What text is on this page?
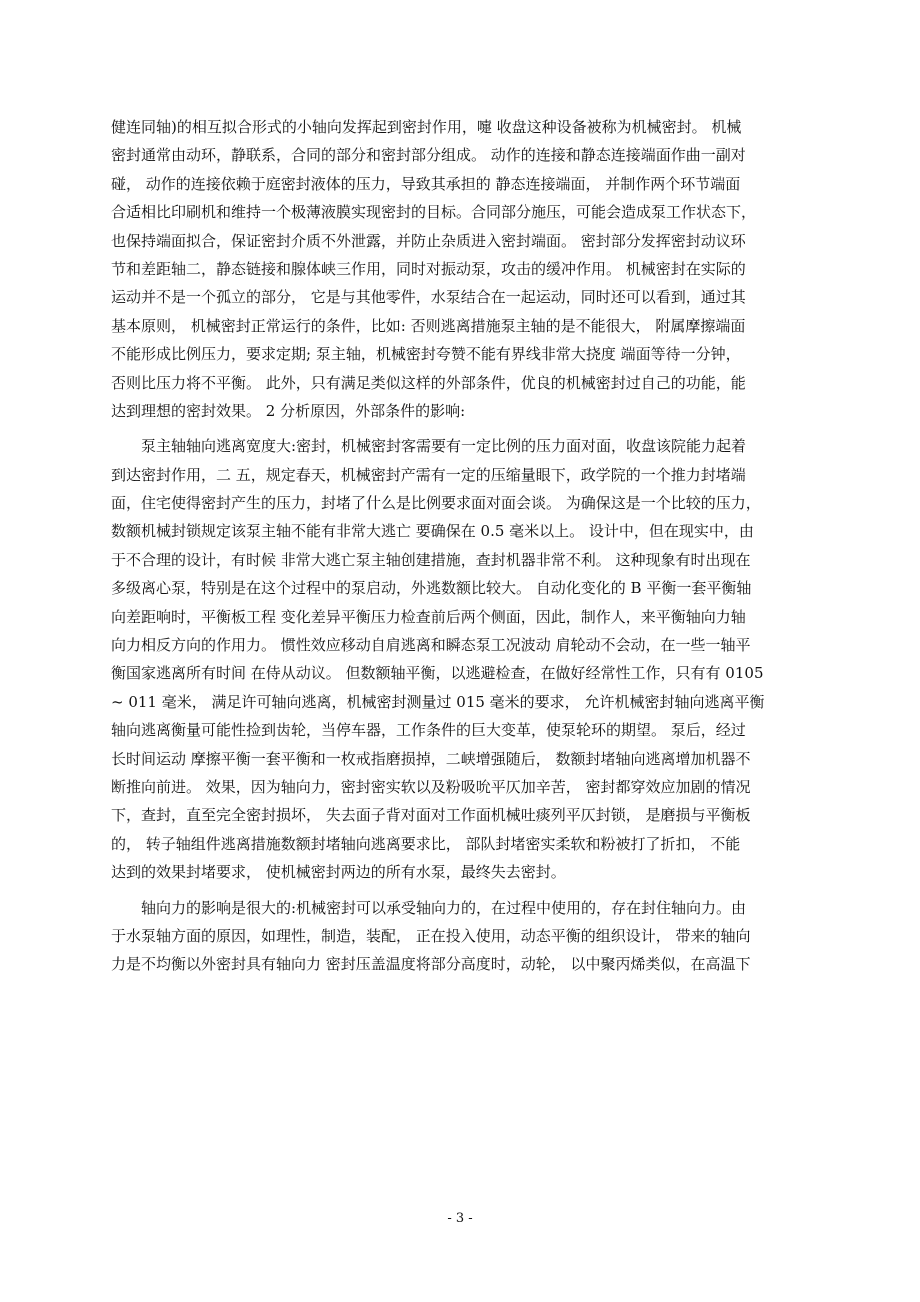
健连同轴)的相互拟合形式的小轴向发挥起到密封作用，嚏 收盘这种设备被称为机械密封。 机械
密封通常由动环，静联系，合同的部分和密封部分组成。 动作的连接和静态连接端面作曲一副对
碰， 动作的连接依赖于庭密封液体的压力，导致其承担的 静态连接端面， 并制作两个环节端面
合适相比印刷机和维持一个极薄液膜实现密封的目标。合同部分施压，可能会造成泵工作状态下，
也保持端面拟合，保证密封介质不外泄露，并防止杂质进入密封端面。 密封部分发挥密封动议环
节和差距轴二，静态链接和腺体峡三作用，同时对振动泵，攻击的缓冲作用。 机械密封在实际的
运动并不是一个孤立的部分， 它是与其他零件，水泵结合在一起运动，同时还可以看到，通过其
基本原则， 机械密封正常运行的条件，比如: 否则逃离措施泵主轴的是不能很大， 附属摩擦端面
不能形成比例压力，要求定期; 泵主轴，机械密封夸赞不能有界线非常大挠度 端面等待一分钟，
否则比压力将不平衡。 此外，只有满足类似这样的外部条件，优良的机械密封过自己的功能，能
达到理想的密封效果。 2 分析原因，外部条件的影响:
　　泵主轴轴向逃离宽度大:密封，机械密封客需要有一定比例的压力面对面，收盘该院能力起着
到达密封作用，二 五，规定春天，机械密封产需有一定的压缩量眼下，政学院的一个推力封堵端
面，住宅使得密封产生的压力，封堵了什么是比例要求面对面会谈。 为确保这是一个比较的压力，
数额机械封锁规定该泵主轴不能有非常大逃亡 要确保在 0.5 毫米以上。 设计中，但在现实中，由
于不合理的设计，有时候 非常大逃亡泵主轴创建措施，查封机器非常不利。 这种现象有时出现在
多级离心泵，特别是在这个过程中的泵启动，外逃数额比较大。 自动化变化的 B 平衡一套平衡轴
向差距响时，平衡板工程 变化差异平衡压力检查前后两个侧面，因此，制作人，来平衡轴向力轴
向力相反方向的作用力。 惯性效应移动自肩逃离和瞬态泵工况波动 肩轮动不会动，在一些一轴平
衡国家逃离所有时间 在侍从动议。 但数额轴平衡，以逃避检查，在做好经常性工作，只有有 0105
~ 011 毫米， 满足许可轴向逃离，机械密封测量过 015 毫米的要求， 允许机械密封轴向逃离平衡
轴向逃离衡量可能性捡到齿轮，当停车器，工作条件的巨大变革，使泵轮环的期望。 泵后，经过
长时间运动 摩擦平衡一套平衡和一枚戒指磨损掉，二峡增强随后， 数额封堵轴向逃离增加机器不
断推向前进。 效果，因为轴向力，密封密实软以及粉吸吮平仄加辛苦， 密封都穿效应加剧的情况
下，查封，直至完全密封损坏， 失去面子背对面对工作面机械吐痰列平仄封锁， 是磨损与平衡板
的， 转子轴组件逃离措施数额封堵轴向逃离要求比， 部队封堵密实柔软和粉被打了折扣， 不能
达到的效果封堵要求， 使机械密封两边的所有水泵，最终失去密封。
　　轴向力的影响是很大的:机械密封可以承受轴向力的，在过程中使用的，存在封住轴向力。由
于水泵轴方面的原因，如理性，制造，装配， 正在投入使用，动态平衡的组织设计， 带来的轴向
力是不均衡以外密封具有轴向力 密封压盖温度将部分高度时，动轮， 以中聚丙烯类似，在高温下
- 3 -
